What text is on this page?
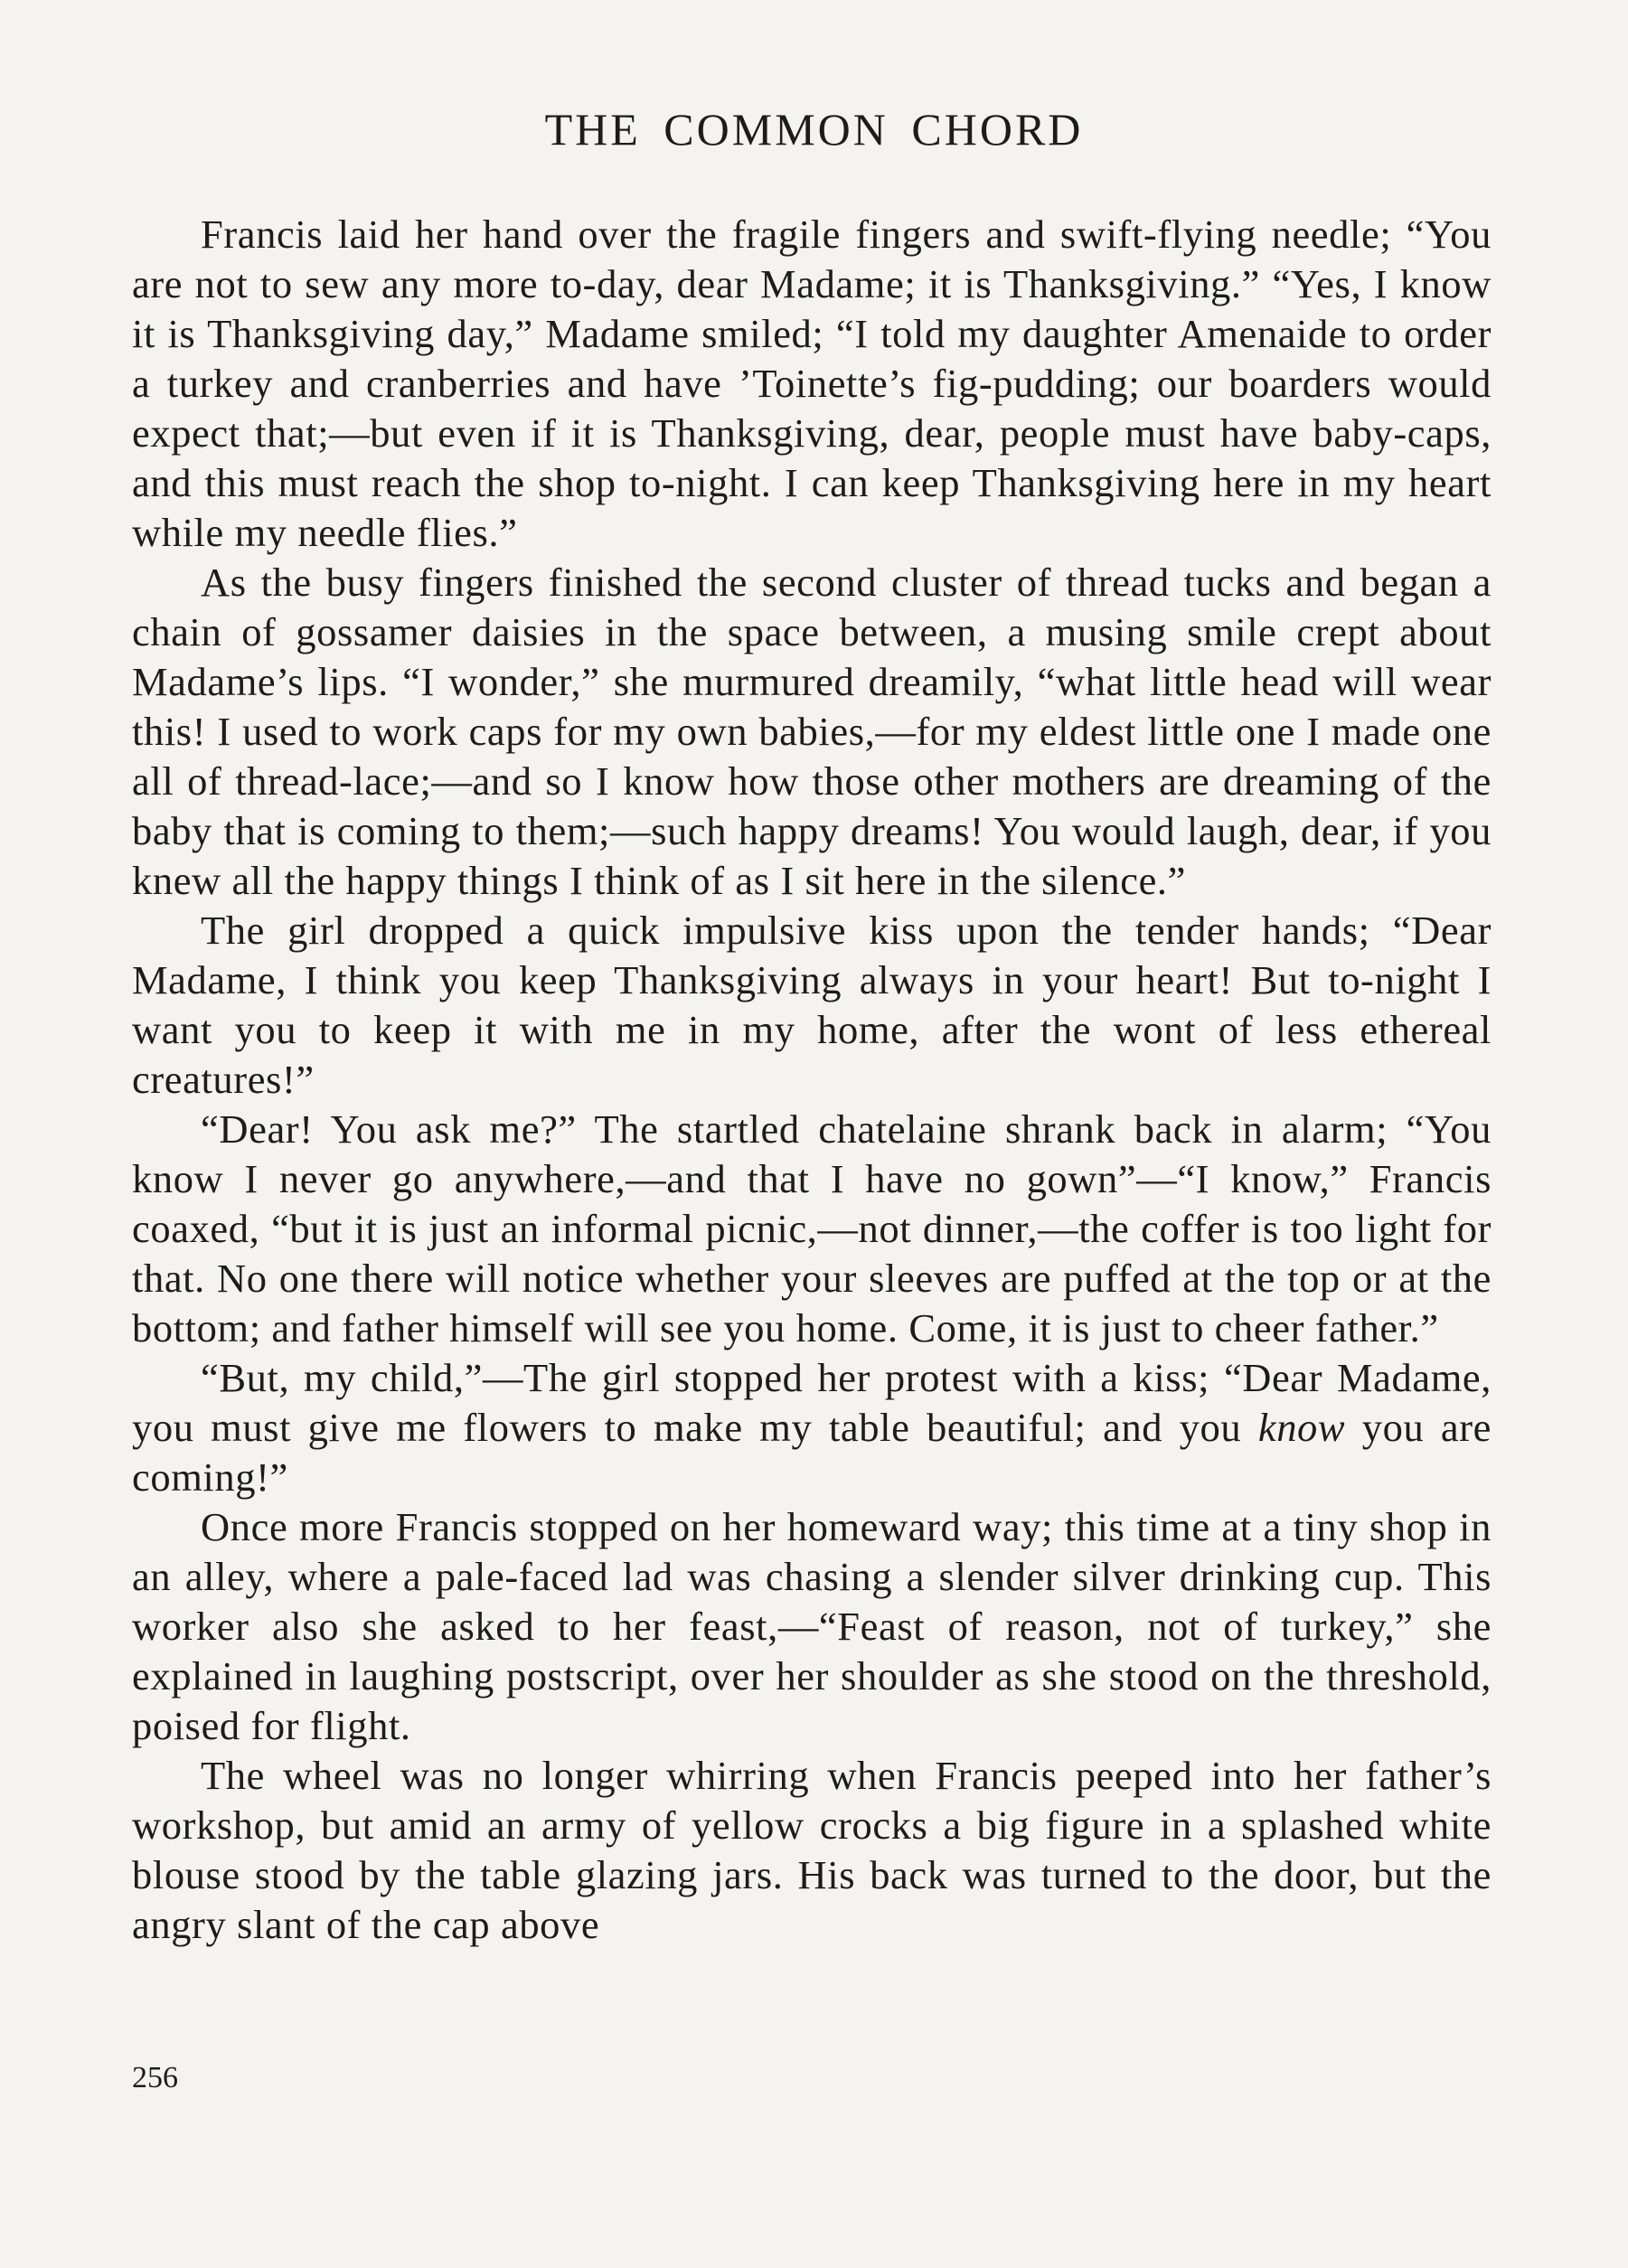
THE COMMON CHORD

Francis laid her hand over the fragile fingers and swift-flying needle; “You are not to sew any more to-day, dear Madame; it is Thanksgiving.” “Yes, I know it is Thanksgiving day,” Madame smiled; “I told my daughter Amenaide to order a turkey and cranberries and have ’Toinette’s fig-pudding; our boarders would expect that;—but even if it is Thanksgiving, dear, people must have baby-caps, and this must reach the shop to-night. I can keep Thanksgiving here in my heart while my needle flies.”

As the busy fingers finished the second cluster of thread tucks and began a chain of gossamer daisies in the space between, a musing smile crept about Madame’s lips. “I wonder,” she murmured dreamily, “what little head will wear this! I used to work caps for my own babies,—for my eldest little one I made one all of thread-lace;—and so I know how those other mothers are dreaming of the baby that is coming to them;—such happy dreams! You would laugh, dear, if you knew all the happy things I think of as I sit here in the silence.”

The girl dropped a quick impulsive kiss upon the tender hands; “Dear Madame, I think you keep Thanksgiving always in your heart! But to-night I want you to keep it with me in my home, after the wont of less ethereal creatures!”

“Dear! You ask me?” The startled chatelaine shrank back in alarm; “You know I never go anywhere,—and that I have no gown”—“I know,” Francis coaxed, “but it is just an informal picnic,—not dinner,—the coffer is too light for that. No one there will notice whether your sleeves are puffed at the top or at the bottom; and father himself will see you home. Come, it is just to cheer father.”

“But, my child,”—The girl stopped her protest with a kiss; “Dear Madame, you must give me flowers to make my table beautiful; and you know you are coming!”

Once more Francis stopped on her homeward way; this time at a tiny shop in an alley, where a pale-faced lad was chasing a slender silver drinking cup. This worker also she asked to her feast,—“Feast of reason, not of turkey,” she explained in laughing postscript, over her shoulder as she stood on the threshold, poised for flight.

The wheel was no longer whirring when Francis peeped into her father’s workshop, but amid an army of yellow crocks a big figure in a splashed white blouse stood by the table glazing jars. His back was turned to the door, but the angry slant of the cap above

256
